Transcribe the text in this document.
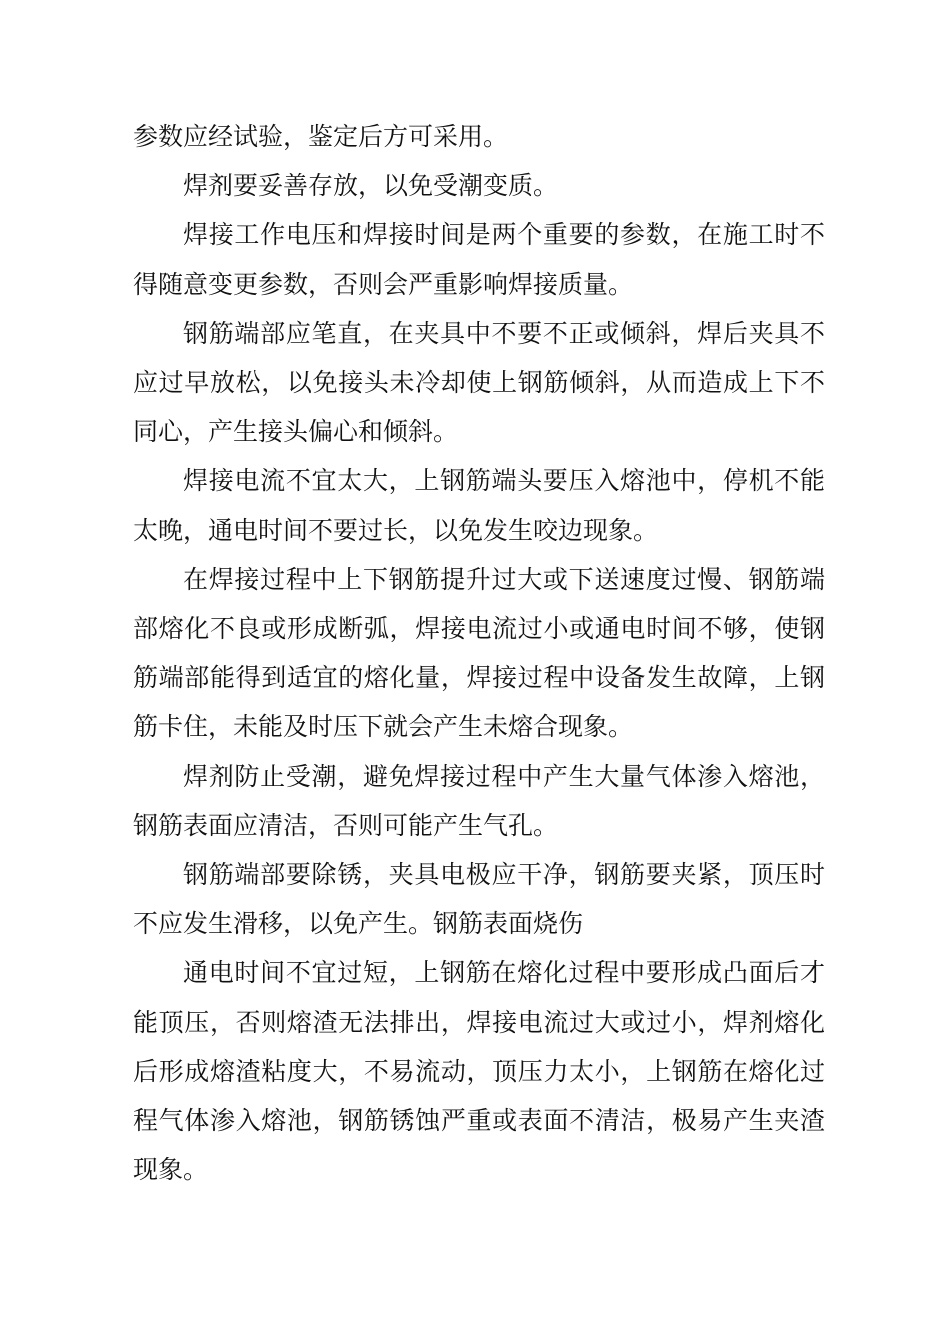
参数应经试验，鉴定后方可采用。

焊剂要妥善存放，以免受潮变质。

焊接工作电压和焊接时间是两个重要的参数，在施工时不得随意变更参数，否则会严重影响焊接质量。

钢筋端部应笔直，在夹具中不要不正或倾斜，焊后夹具不应过早放松，以免接头未冷却使上钢筋倾斜，从而造成上下不同心，产生接头偏心和倾斜。

焊接电流不宜太大，上钢筋端头要压入熔池中，停机不能太晚，通电时间不要过长，以免发生咬边现象。

在焊接过程中上下钢筋提升过大或下送速度过慢、钢筋端部熔化不良或形成断弧，焊接电流过小或通电时间不够，使钢筋端部能得到适宜的熔化量，焊接过程中设备发生故障，上钢筋卡住，未能及时压下就会产生未熔合现象。

焊剂防止受潮，避免焊接过程中产生大量气体渗入熔池，钢筋表面应清洁，否则可能产生气孔。

钢筋端部要除锈，夹具电极应干净，钢筋要夹紧，顶压时不应发生滑移，以免产生。钢筋表面烧伤

通电时间不宜过短，上钢筋在熔化过程中要形成凸面后才能顶压，否则熔渣无法排出，焊接电流过大或过小，焊剂熔化后形成熔渣粘度大，不易流动，顶压力太小，上钢筋在熔化过程气体渗入熔池，钢筋锈蚀严重或表面不清洁，极易产生夹渣现象。
